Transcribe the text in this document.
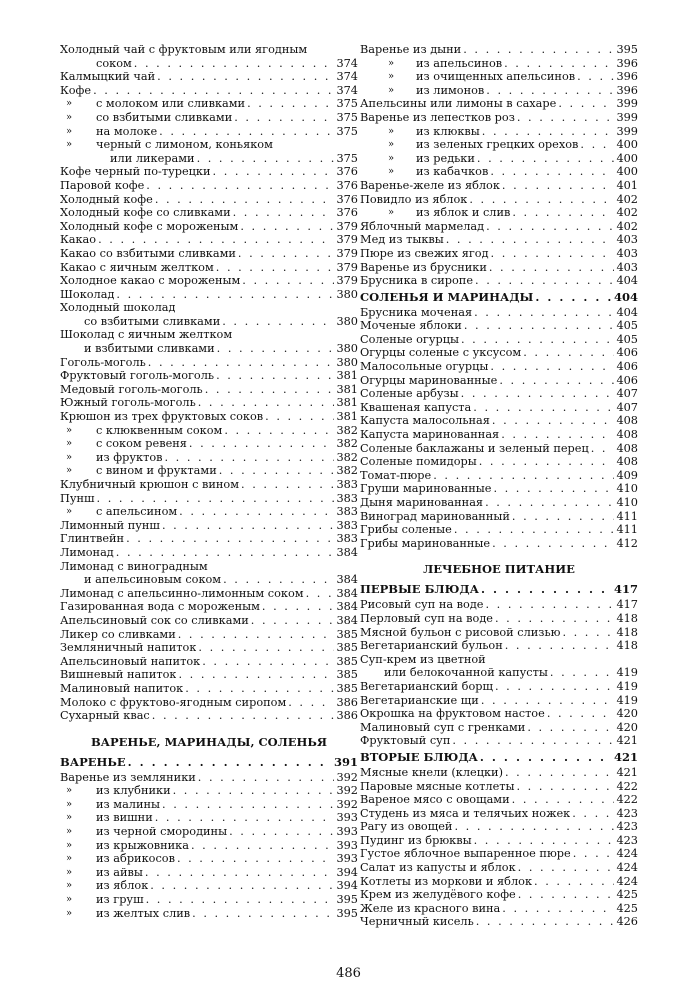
Холодный чай с фруктовым или ягодным
соком . . .	374
Калмыцкий чай . . .	374
Кофе . . .	374
» с молоком или сливками . . .	375
» со взбитыми сливками . . .	375
» на молоке . . .	375
» черный с лимоном, коньяком
или ликерами . . .	375
Кофе черный по-турецки . . .	376
Паровой кофе . . .	376
Холодный кофе . . .	376
Холодный кофе со сливками . . .	376
Холодный кофе с мороженым . . .	379
Какао . . .	379
Какао со взбитыми сливками . . .	379
Какао с яичным желтком . . .	379
Холодное какао с мороженым . . .	379
Шоколад . . .	380
Холодный шоколад
со взбитыми сливками . . .	380
Шоколад с яичным желтком
и взбитыми сливками . . .	380
Гоголь-моголь . . .	380
Фруктовый гоголь-моголь . . .	381
Медовый гоголь-моголь . . .	381
Южный гоголь-моголь . . .	381
Крюшон из трех фруктовых соков . . .	381
» с клюквенным соком . . .	382
» с соком ревеня . . .	382
» из фруктов . . .	382
» с вином и фруктами . . .	382
Клубничный крюшон с вином . . .	383
Пунш . . .	383
» с апельсином . . .	383
Лимонный пунш . . .	383
Глинтвейн . . .	383
Лимонад . . .	384
Лимонад с виноградным
и апельсиновым соком . . .	384
Лимонад с апельсинно-лимонным соком . . .	384
Газированная вода с мороженым . . .	384
Апельсиновый сок со сливками . . .	384
Ликер со сливками . . .	385
Земляничный напиток . . .	385
Апельсиновый напиток . . .	385
Вишневый напиток . . .	385
Малиновый напиток . . .	385
Молоко с фруктово-ягодным сиропом . . .	386
Сухарный квас . . .	386
ВАРЕНЬЕ, МАРИНАДЫ, СОЛЕНЬЯ
ВАРЕНЬЕ . . .	391
Варенье из земляники . . .	392
» из клубники . . .	392
» из малины . . .	392
» из вишни . . .	393
» из черной смородины . . .	393
» из крыжовника . . .	393
» из абрикосов . . .	393
» из айвы . . .	394
» из яблок . . .	394
» из груш . . .	395
» из желтых слив . . .	395
Варенье из дыни . . .	395
» из апельсинов . . .	396
» из очищенных апельсинов . . .	396
» из лимонов . . .	396
Апельсины или лимоны в сахаре . . .	399
Варенье из лепестков роз . . .	399
» из клюквы . . .	399
» из зеленых грецких орехов . . .	400
» из редьки . . .	400
» из кабачков . . .	400
Варенье-желе из яблок . . .	401
Повидло из яблок . . .	402
» из яблок и слив . . .	402
Яблочный мармелад . . .	402
Мед из тыквы . . .	403
Пюре из свежих ягод . . .	403
Варенье из брусники . . .	403
Брусника в сиропе . . .	404
СОЛЕНЬЯ И МАРИНАДЫ . . .	404
Брусника моченая . . .	404
Моченые яблоки . . .	405
Соленые огурцы . . .	405
Огурцы соленые с уксусом . . .	406
Малосольные огурцы . . .	406
Огурцы маринованные . . .	406
Соленые арбузы . . .	407
Квашеная капуста . . .	407
Капуста малосольная . . .	408
Капуста маринованная . . .	408
Соленые баклажаны и зеленый перец . . . 408
Соленые помидоры . . .	408
Томат-пюре . . .	409
Груши маринованные . . .	410
Дыня маринованная . . .	410
Виноград маринованный . . .	411
Грибы соленые . . .	411
Грибы маринованные . . .	412
ЛЕЧЕБНОЕ ПИТАНИЕ
ПЕРВЫЕ БЛЮДА . . .	417
Рисовый суп на воде . . .	417
Перловый суп на воде . . .	418
Мясной бульон с рисовой слизью . . .	418
Вегетарианский бульон . . .	418
Суп-крем из цветной
или белокочанной капусты . . .	419
Вегетарианский борщ . . .	419
Вегетарианские щи . . .	419
Окрошка на фруктовом настое . . .	420
Малиновый суп с гренками . . .	420
Фруктовый суп . . .	421
ВТОРЫЕ БЛЮДА . . .	421
Мясные кнели (клецки) . . .	421
Паровые мясные котлеты . . .	422
Вареное мясо с овощами . . .	422
Студень из мяса и телячьих ножек . . .	423
Рагу из овощей . . .	423
Пудинг из брюквы . . .	423
Густое яблочное выпаренное пюре . . .	424
Салат из капусты и яблок . . .	424
Котлеты из моркови и яблок . . .	424
Крем из желудёвого кофе . . .	425
Желе из красного вина . . .	425
Черничный кисель . . .	426
486
